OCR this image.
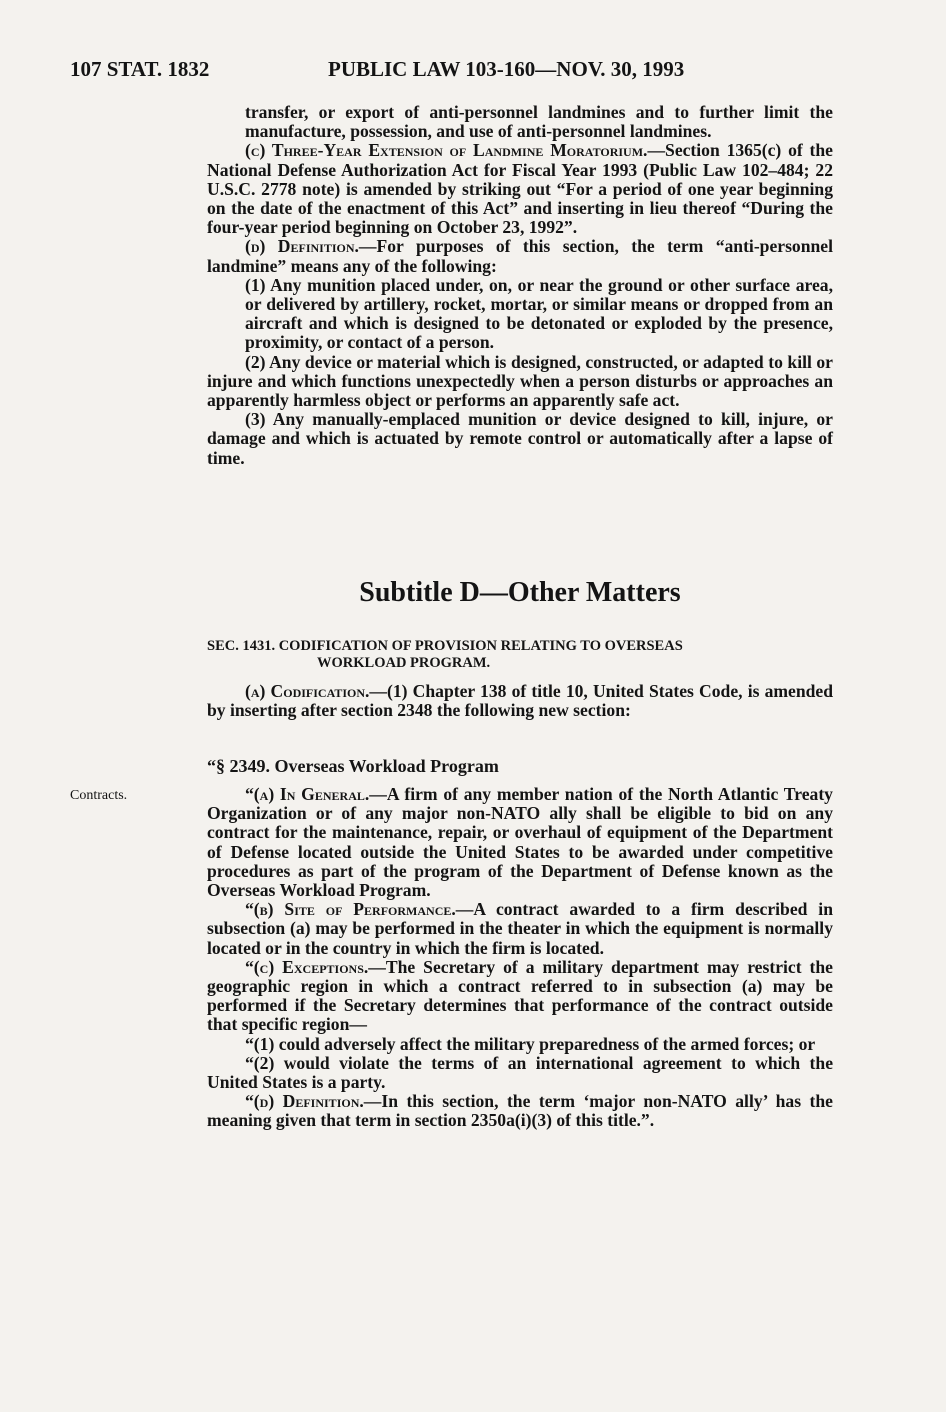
107 STAT. 1832	PUBLIC LAW 103-160—NOV. 30, 1993

transfer, or export of anti-personnel landmines and to further limit the manufacture, possession, and use of anti-personnel landmines.

(c) Three-Year Extension of Landmine Moratorium.—Section 1365(c) of the National Defense Authorization Act for Fiscal Year 1993 (Public Law 102–484; 22 U.S.C. 2778 note) is amended by striking out “For a period of one year beginning on the date of the enactment of this Act” and inserting in lieu thereof “During the four-year period beginning on October 23, 1992”.

(d) Definition.—For purposes of this section, the term “anti-personnel landmine” means any of the following:

(1) Any munition placed under, on, or near the ground or other surface area, or delivered by artillery, rocket, mortar, or similar means or dropped from an aircraft and which is designed to be detonated or exploded by the presence, proximity, or contact of a person.

(2) Any device or material which is designed, constructed, or adapted to kill or injure and which functions unexpectedly when a person disturbs or approaches an apparently harmless object or performs an apparently safe act.

(3) Any manually-emplaced munition or device designed to kill, injure, or damage and which is actuated by remote control or automatically after a lapse of time.

Subtitle D—Other Matters
SEC. 1431. CODIFICATION OF PROVISION RELATING TO OVERSEAS
WORKLOAD PROGRAM.

(a) Codification.—(1) Chapter 138 of title 10, United States Code, is amended by inserting after section 2348 the following new section:

“§ 2349. Overseas Workload Program
Contracts.	“(a) In General.—A firm of any member nation of the North Atlantic Treaty Organization or of any major non-NATO ally shall be eligible to bid on any contract for the maintenance, repair, or overhaul of equipment of the Department of Defense located outside the United States to be awarded under competitive procedures as part of the program of the Department of Defense known as the Overseas Workload Program.

“(b) Site of Performance.—A contract awarded to a firm described in subsection (a) may be performed in the theater in which the equipment is normally located or in the country in which the firm is located.

“(c) Exceptions.—The Secretary of a military department may restrict the geographic region in which a contract referred to in subsection (a) may be performed if the Secretary determines that performance of the contract outside that specific region—

“(1) could adversely affect the military preparedness of the armed forces; or

“(2) would violate the terms of an international agreement to which the United States is a party.

“(d) Definition.—In this section, the term ‘major non-NATO ally’ has the meaning given that term in section 2350a(i)(3) of this title.”.
